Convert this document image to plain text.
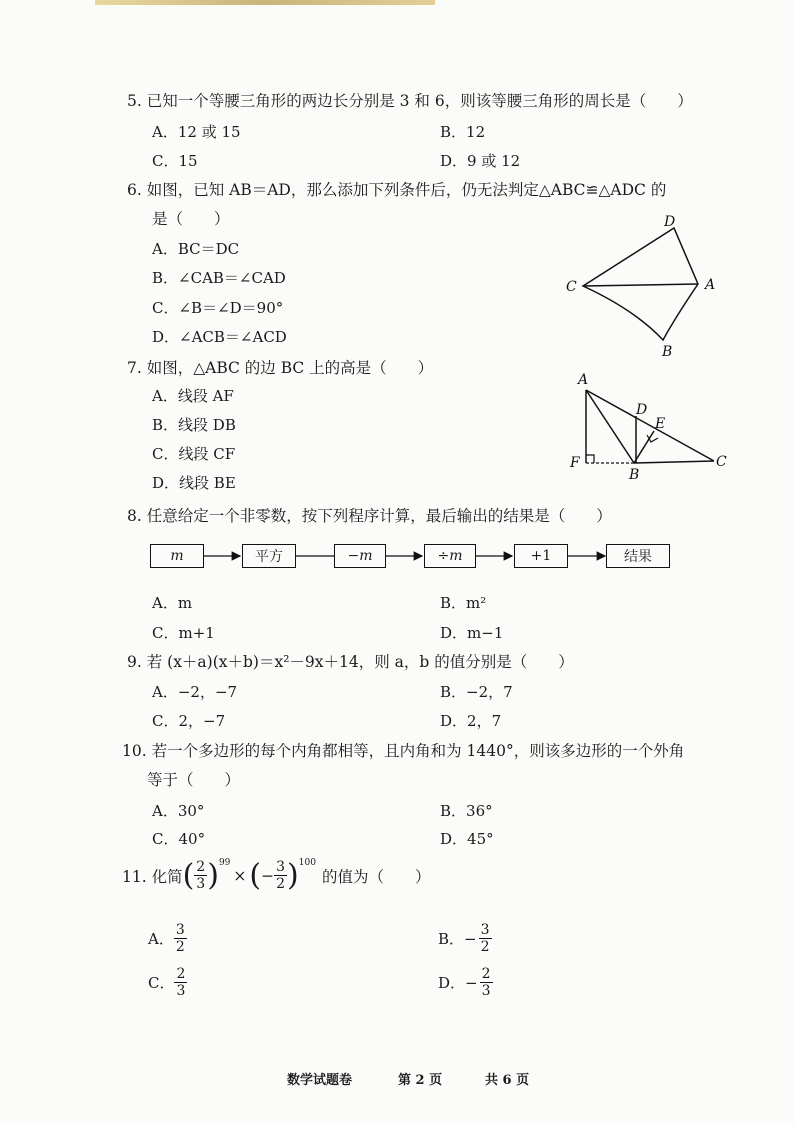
5. 已知一个等腰三角形的两边长分别是 3 和 6，则该等腰三角形的周长是（　　）
A．12 或 15	B．12
C．15	D．9 或 12
6. 如图，已知 AB＝AD，那么添加下列条件后，仍无法判定△ABC≌△ADC 的
是（　　）
A．BC＝DC
B．∠CAB＝∠CAD
C．∠B＝∠D＝90°
D．∠ACB＝∠ACD
D
C	A
B
7. 如图，△ABC 的边 BC 上的高是（　　）
A．线段 AF
B．线段 DB
C．线段 CF
D．线段 BE
A
D
E
F
B
C
8. 任意给定一个非零数，按下列程序计算，最后输出的结果是（　　）
m	平方	−m	÷m	+1	结果
A．m	B．m²
C．m+1	D．m−1
9. 若 (x＋a)(x＋b)＝x²－9x＋14，则 a，b 的值分别是（　　）
A．−2，−7	B．−2，7
C．2，−7	D．2，7
10. 若一个多边形的每个内角都相等，且内角和为 1440°，则该多边形的一个外角
等于（　　）
A．30°	B．36°
C．40°	D．45°
11. 化简 ( $\frac{2}{3} )^{99}$
× ( − $\frac{3}{2} )^{100}$
的值为（　　）
A． $\frac{3}{2}$	B． − $\frac{3}{2}$
C． $\frac{2}{3}$	D． − $\frac{2}{3}$
数学试题卷	第 2 页	共 6 页
